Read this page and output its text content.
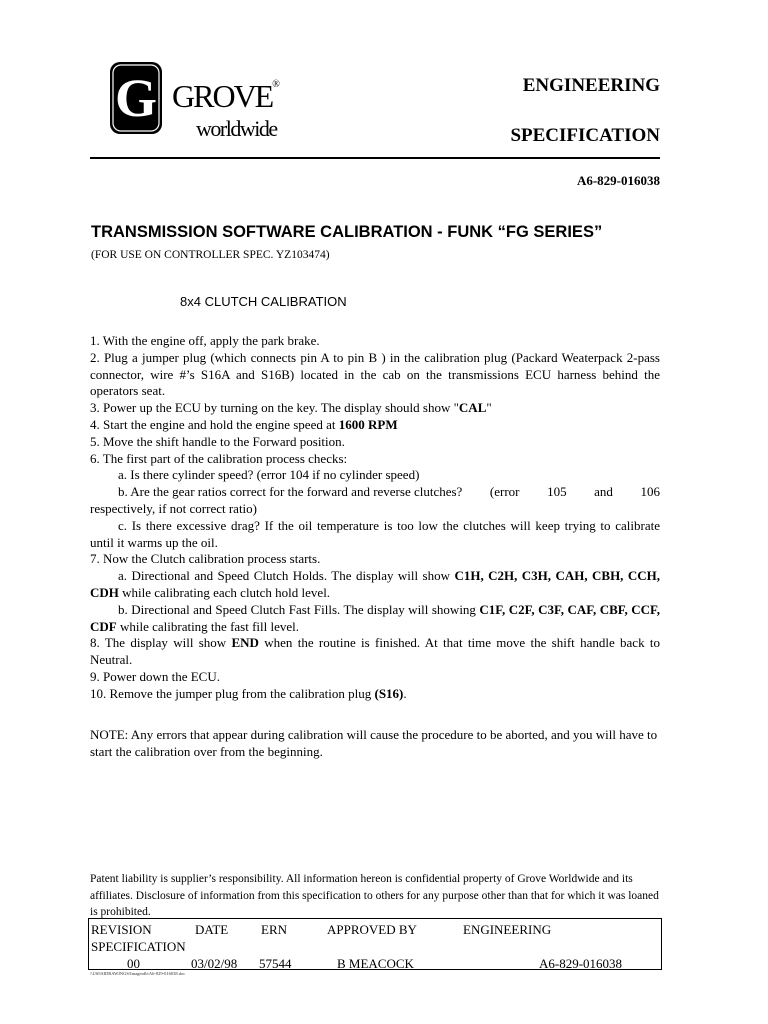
G GROVE®
worldwide
ENGINEERING
SPECIFICATION
A6-829-016038
TRANSMISSION SOFTWARE CALIBRATION - FUNK “FG SERIES”
(FOR USE ON CONTROLLER SPEC. YZ103474)
8x4 CLUTCH CALIBRATION

1. With the engine off, apply the park brake.

2. Plug a jumper plug (which connects pin A to pin B ) in the calibration plug (Packard Weaterpack 2-pass connector, wire #’s S16A and S16B) located in the cab on the transmissions ECU harness behind the operators seat.

3. Power up the ECU by turning on the key. The display should show "CAL"

4. Start the engine and hold the engine speed at 1600 RPM

5. Move the shift handle to the Forward position.

6. The first part of the calibration process checks:

a. Is there cylinder speed? (error 104 if no cylinder speed)

b. Are the gear ratios correct for the forward and reverse clutches? (error 105 and 106

respectively, if not correct ratio)

c. Is there excessive drag? If the oil temperature is too low the clutches will keep trying to calibrate until it warms up the oil.

7. Now the Clutch calibration process starts.

a. Directional and Speed Clutch Holds. The display will show C1H, C2H, C3H, CAH, CBH, CCH, CDH while calibrating each clutch hold level.

b. Directional and Speed Clutch Fast Fills. The display will showing C1F, C2F, C3F, CAF, CBF, CCF, CDF while calibrating the fast fill level.

8. The display will show END when the routine is finished. At that time move the shift handle back to Neutral.

9. Power down the ECU.

10. Remove the jumper plug from the calibration plug (S16).

NOTE: Any errors that appear during calibration will cause the procedure to be aborted, and you will have to start the calibration over from the beginning.
Patent liability is supplier’s responsibility. All information hereon is confidential property of Grove Worldwide and its affiliates. Disclosure of information from this specification to others for any purpose other than that for which it was loaned is prohibited.
REVISION	DATE	ERN	APPROVED BY	ENGINEERING
SPECIFICATION
00	03/02/98 57544	B MEACOCK	A6-829-016038
\\USI\SIDRAWINGS\Imagesdb\A6-829-016038.doc
